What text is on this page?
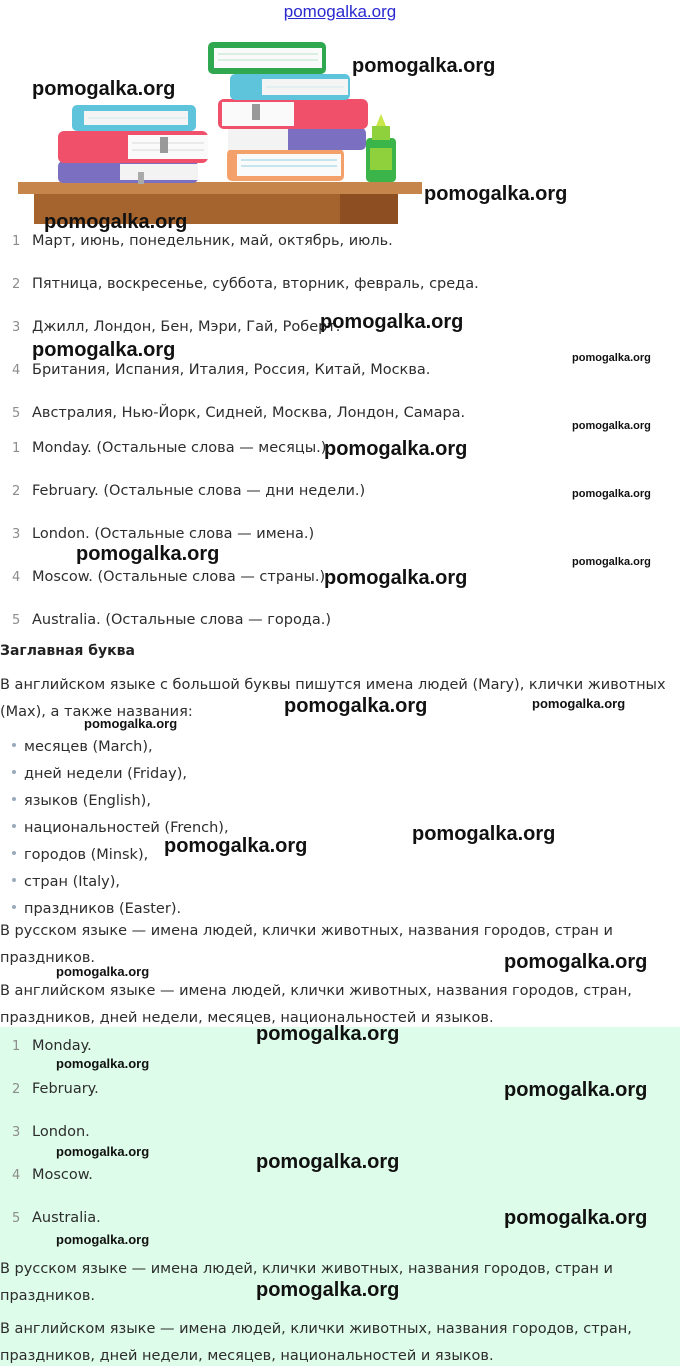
pomogalka.org
1 Март, июнь, понедельник, май, октябрь, июль.
2 Пятница, воскресенье, суббота, вторник, февраль, среда.
3 Джилл, Лондон, Бен, Мэри, Гай, Роберт.
4 Британия, Испания, Италия, Россия, Китай, Москва.
5 Австралия, Нью-Йорк, Сидней, Москва, Лондон, Самара.
1 Monday. (Остальные слова — месяцы.)
2 February. (Остальные слова — дни недели.)
3 London. (Остальные слова — имена.)
4 Moscow. (Остальные слова — страны.)
5 Australia. (Остальные слова — города.)
Заглавная буква
В английском языке с большой буквы пишутся имена людей (Mary), клички животных
(Max), а также названия:
месяцев (March),
дней недели (Friday),
языков (English),
национальностей (French),
городов (Minsk),
стран (Italy),
праздников (Easter).
В русском языке — имена людей, клички животных, названия городов, стран и
праздников.
В английском языке — имена людей, клички животных, названия городов, стран,
праздников, дней недели, месяцев, национальностей и языков.
1 Monday.
2 February.
3 London.
4 Moscow.
5 Australia.
В русском языке — имена людей, клички животных, названия городов, стран и
праздников.
В английском языке — имена людей, клички животных, названия городов, стран,
праздников, дней недели, месяцев, национальностей и языков.
pomogalka.org
pomogalka.org
pomogalka.org
pomogalka.org
pomogalka.org
pomogalka.org
pomogalka.org
pomogalka.org
pomogalka.org
pomogalka.org
pomogalka.org
pomogalka.org
pomogalka.org
pomogalka.org
pomogalka.org
pomogalka.org
pomogalka.org
pomogalka.org
pomogalka.org
pomogalka.org
pomogalka.org
pomogalka.org
pomogalka.org
pomogalka.org
pomogalka.org
pomogalka.org
pomogalka.org
pomogalka.org
